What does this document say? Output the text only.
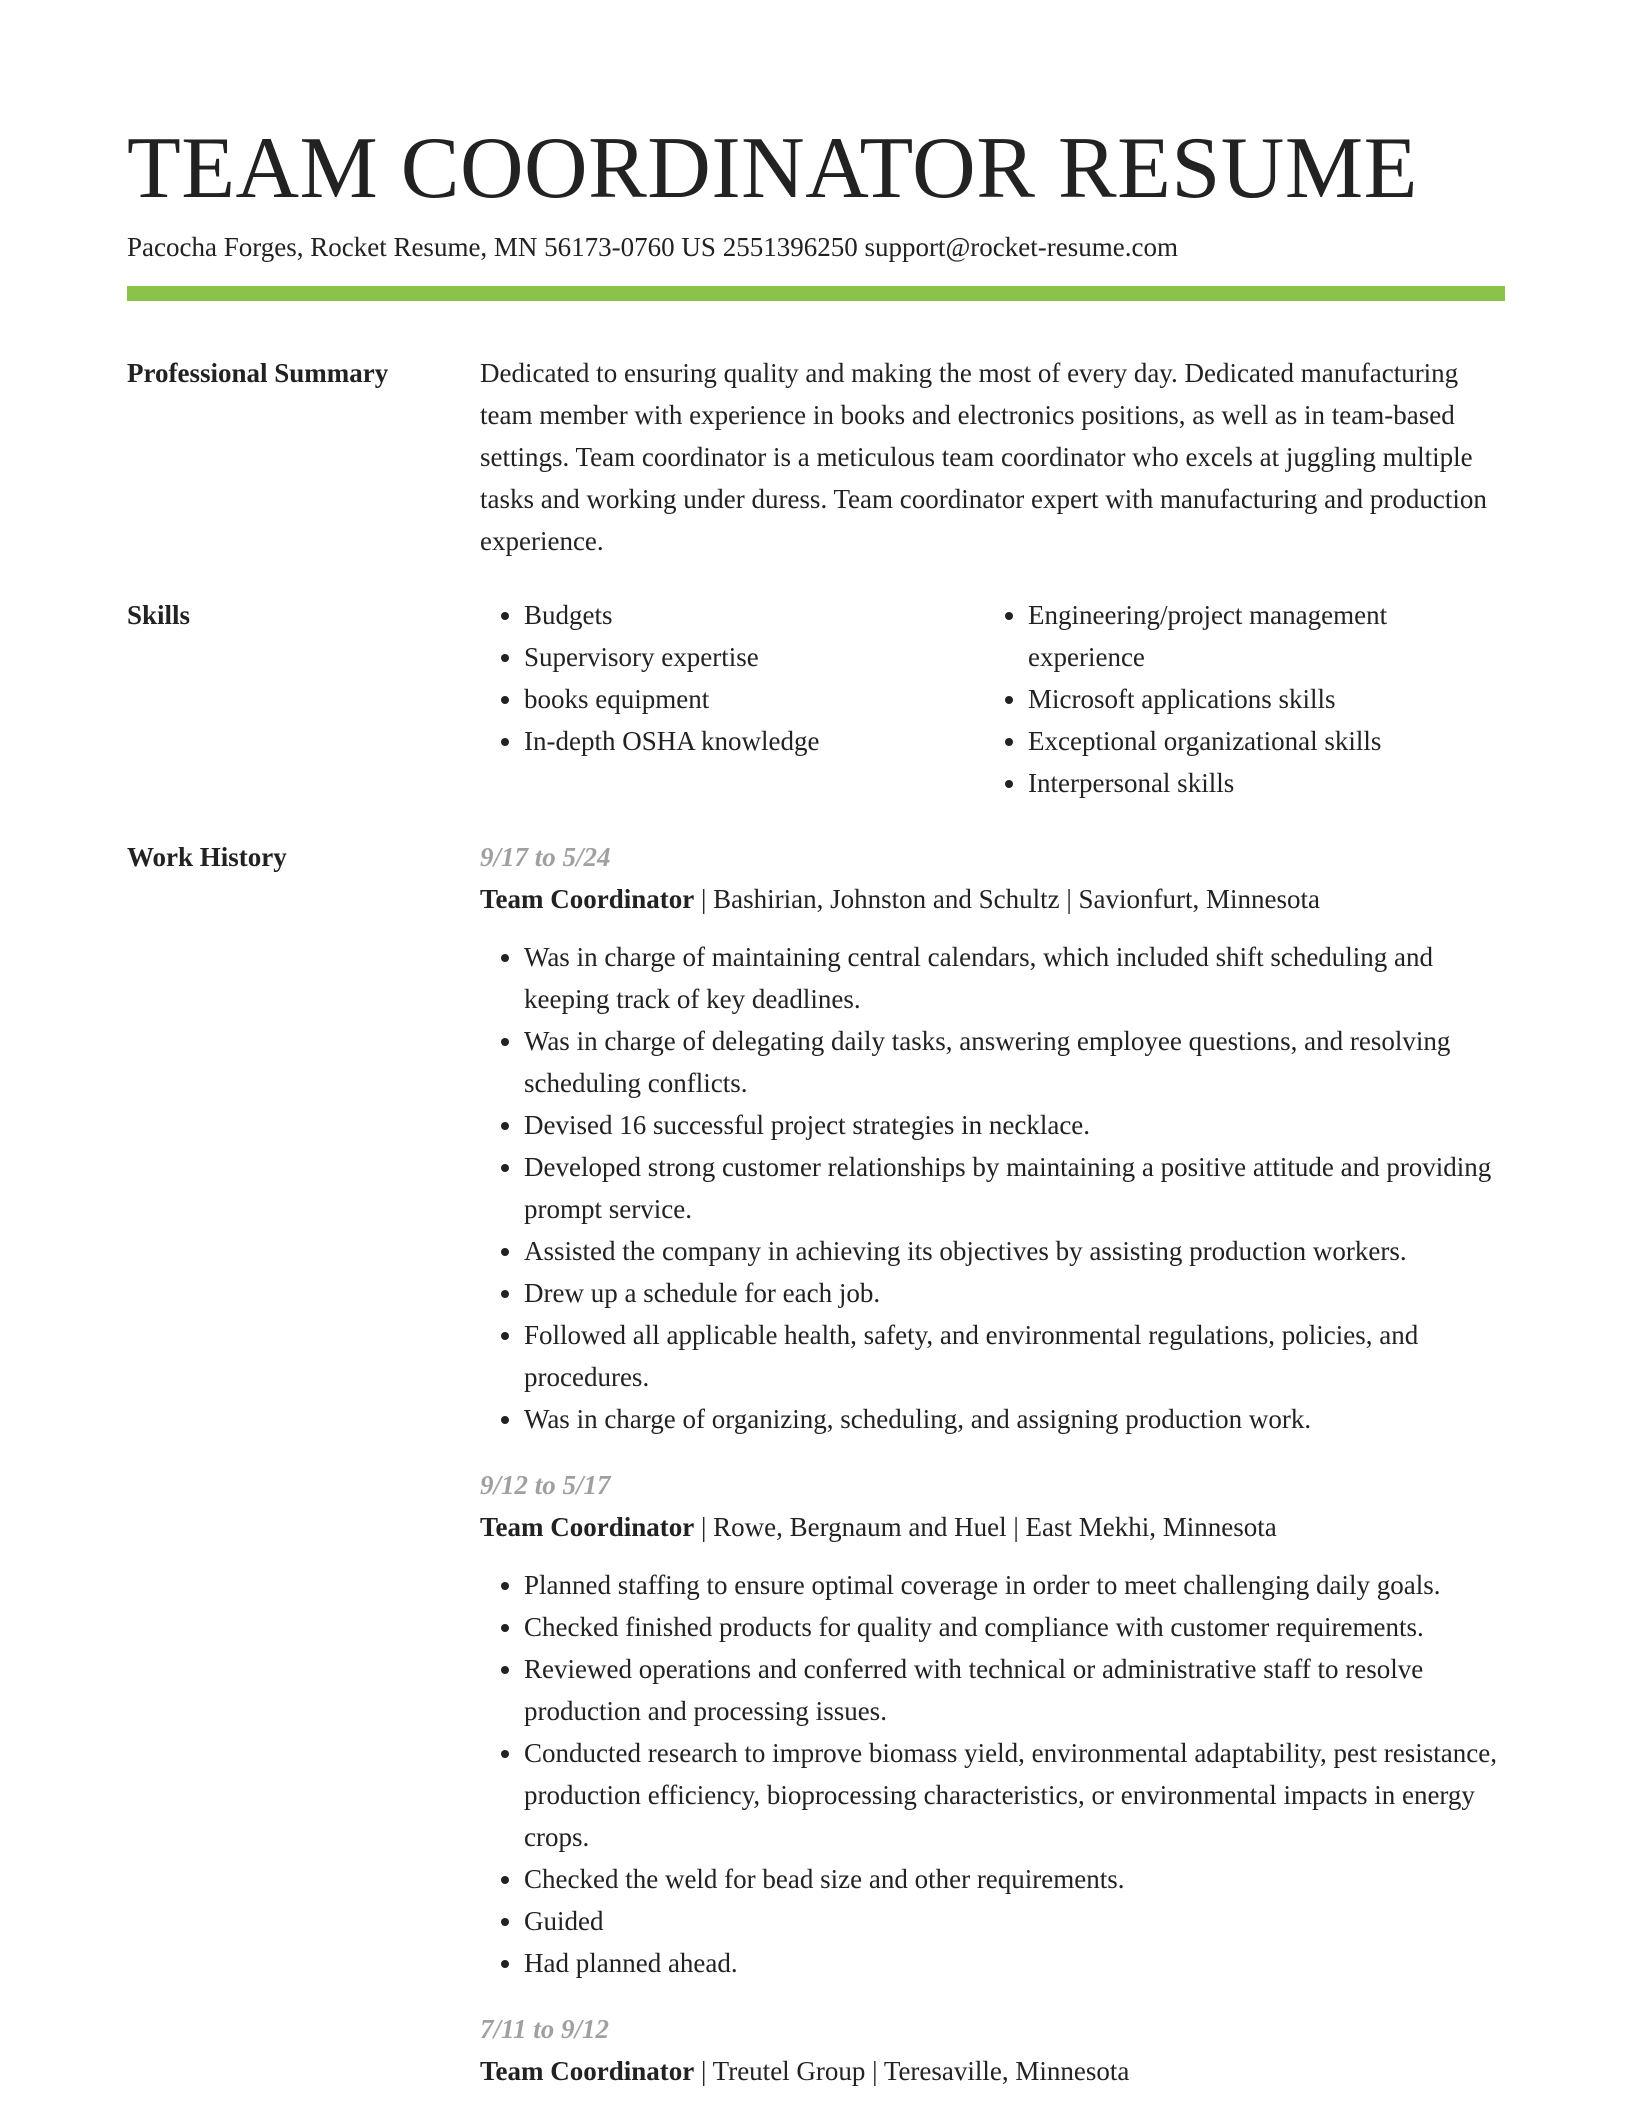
TEAM COORDINATOR RESUME
Pacocha Forges, Rocket Resume, MN 56173-0760 US 2551396250 support@rocket-resume.com
Professional Summary	Dedicated to ensuring quality and making the most of every day. Dedicated manufacturing team member with experience in books and electronics positions, as well as in team-based settings. Team coordinator is a meticulous team coordinator who excels at juggling multiple tasks and working under duress. Team coordinator expert with manufacturing and production experience.

Skills
•	Budgets
• Supervisory expertise
• books equipment
• In-depth OSHA knowledge
• Engineering/project management experience
• Microsoft applications skills
• Exceptional organizational skills
• Interpersonal skills
Work History	9/17 to 5/24
Team Coordinator | Bashirian, Johnston and Schultz | Savionfurt, Minnesota
• Was in charge of maintaining central calendars, which included shift scheduling and keeping track of key deadlines.
• Was in charge of delegating daily tasks, answering employee questions, and resolving scheduling conflicts.
• Devised 16 successful project strategies in necklace.
• Developed strong customer relationships by maintaining a positive attitude and providing prompt service.
• Assisted the company in achieving its objectives by assisting production workers.
• Drew up a schedule for each job.
• Followed all applicable health, safety, and environmental regulations, policies, and procedures.
• Was in charge of organizing, scheduling, and assigning production work.
9/12 to 5/17
Team Coordinator | Rowe, Bergnaum and Huel | East Mekhi, Minnesota
• Planned staffing to ensure optimal coverage in order to meet challenging daily goals.
• Checked finished products for quality and compliance with customer requirements.
• Reviewed operations and conferred with technical or administrative staff to resolve production and processing issues.
• Conducted research to improve biomass yield, environmental adaptability, pest resistance, production efficiency, bioprocessing characteristics, or environmental impacts in energy crops.
• Checked the weld for bead size and other requirements.
• Guided
• Had planned ahead.
7/11 to 9/12
Team Coordinator | Treutel Group | Teresaville, Minnesota
